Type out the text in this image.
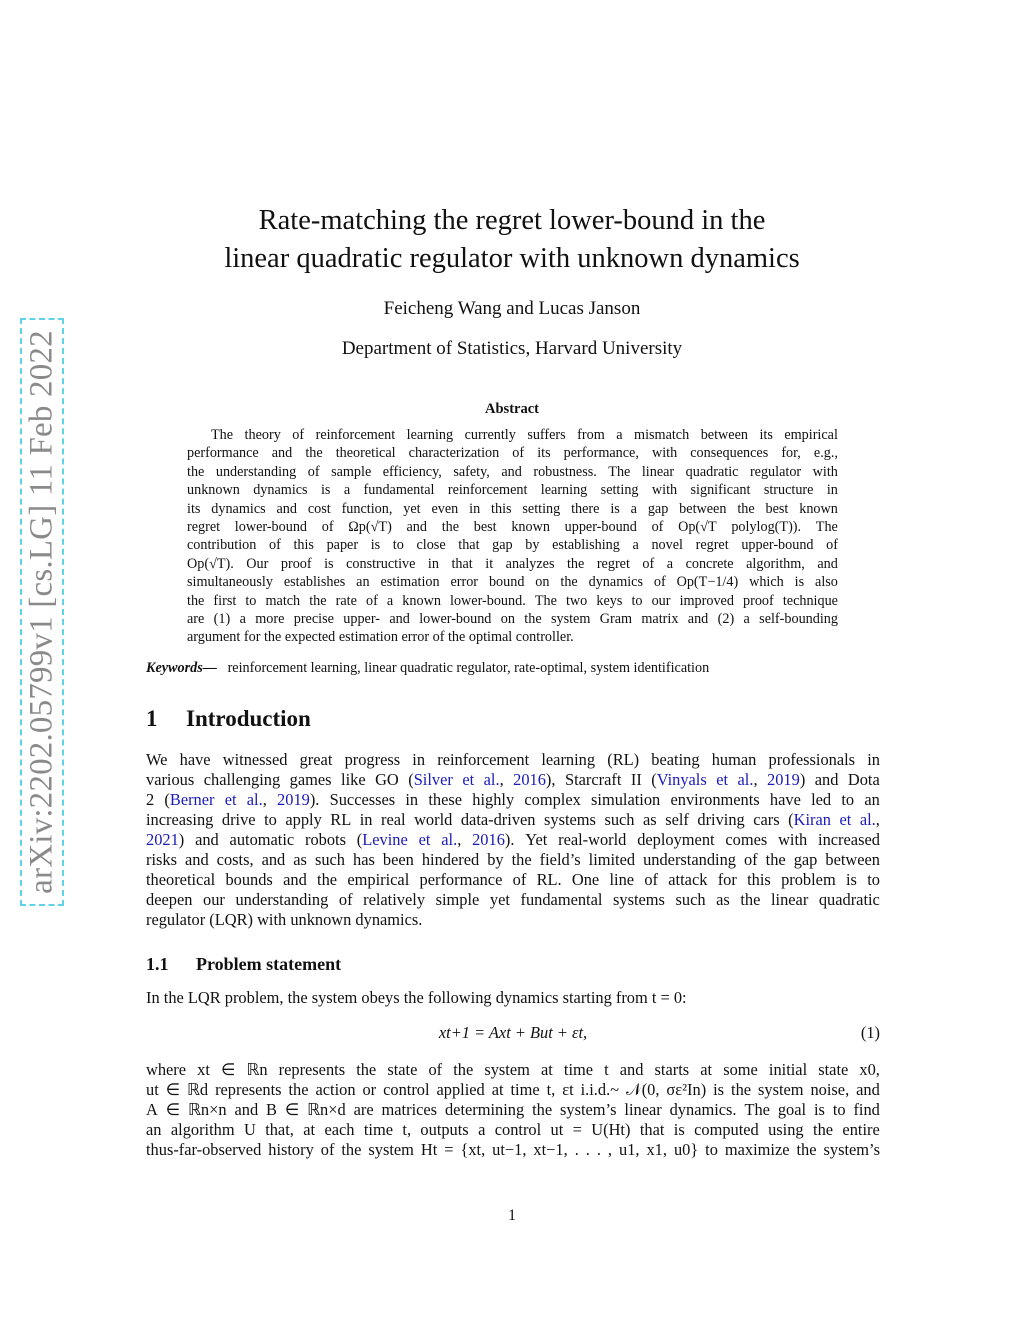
arXiv:2202.05799v1 [cs.LG] 11 Feb 2022
Rate-matching the regret lower-bound in the
linear quadratic regulator with unknown dynamics
Feicheng Wang and Lucas Janson
Department of Statistics, Harvard University
Abstract
The theory of reinforcement learning currently suffers from a mismatch between its empirical
performance and the theoretical characterization of its performance, with consequences for, e.g.,
the understanding of sample efficiency, safety, and robustness. The linear quadratic regulator with
unknown dynamics is a fundamental reinforcement learning setting with significant structure in
its dynamics and cost function, yet even in this setting there is a gap between the best known
regret lower-bound of Ωp(√T) and the best known upper-bound of Op(√T polylog(T)). The
contribution of this paper is to close that gap by establishing a novel regret upper-bound of
Op(√T). Our proof is constructive in that it analyzes the regret of a concrete algorithm, and
simultaneously establishes an estimation error bound on the dynamics of Op(T−1/4) which is also
the first to match the rate of a known lower-bound. The two keys to our improved proof technique
are (1) a more precise upper- and lower-bound on the system Gram matrix and (2) a self-bounding
argument for the expected estimation error of the optimal controller.
Keywords— reinforcement learning, linear quadratic regulator, rate-optimal, system identification
1 Introduction
We have witnessed great progress in reinforcement learning (RL) beating human professionals in
various challenging games like GO (Silver et al., 2016), Starcraft II (Vinyals et al., 2019) and Dota
2 (Berner et al., 2019). Successes in these highly complex simulation environments have led to an
increasing drive to apply RL in real world data-driven systems such as self driving cars (Kiran et al.,
2021) and automatic robots (Levine et al., 2016). Yet real-world deployment comes with increased
risks and costs, and as such has been hindered by the field’s limited understanding of the gap between
theoretical bounds and the empirical performance of RL. One line of attack for this problem is to
deepen our understanding of relatively simple yet fundamental systems such as the linear quadratic
regulator (LQR) with unknown dynamics.
1.1 Problem statement
In the LQR problem, the system obeys the following dynamics starting from t = 0:
xt+1 = Axt + But + εt,	(1)
where xt ∈ ℝn represents the state of the system at time t and starts at some initial state x0,
ut ∈ ℝd represents the action or control applied at time t, εt i.i.d.~ 𝒩(0, σε²In) is the system noise, and
A ∈ ℝn×n and B ∈ ℝn×d are matrices determining the system’s linear dynamics. The goal is to find
an algorithm U that, at each time t, outputs a control ut = U(Ht) that is computed using the entire
thus-far-observed history of the system Ht = {xt, ut−1, xt−1, . . . , u1, x1, u0} to maximize the system’s
1
